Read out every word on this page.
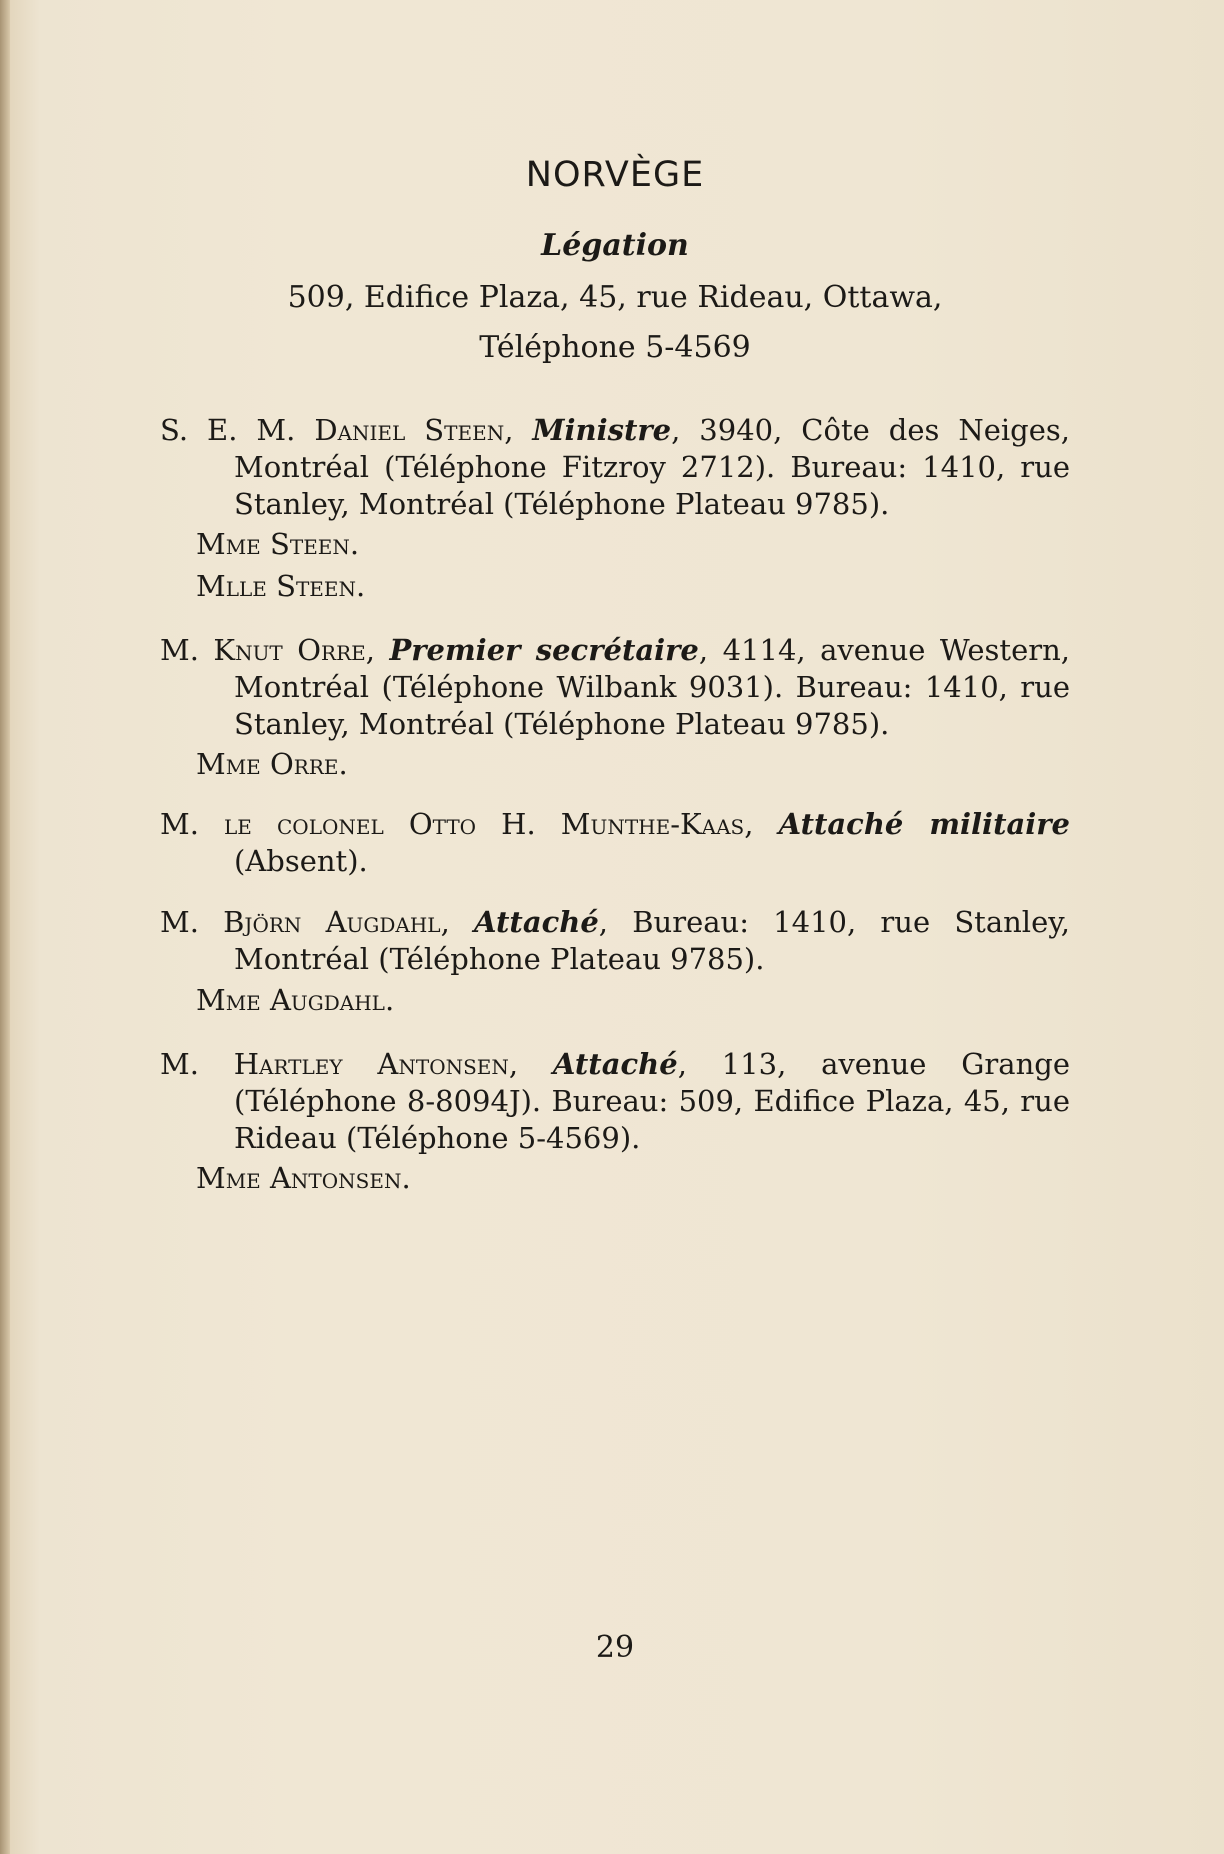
NORVÈGE
Légation
509, Edifice Plaza, 45, rue Rideau, Ottawa,
Téléphone 5-4569
S. E. M. Daniel Steen, Ministre, 3940, Côte des Neiges, Montréal (Téléphone Fitzroy 2712). Bureau: 1410, rue Stanley, Montréal (Téléphone Plateau 9785).
Mme Steen.
Mlle Steen.
M. Knut Orre, Premier secrétaire, 4114, avenue Western, Montréal (Téléphone Wilbank 9031). Bureau: 1410, rue Stanley, Montréal (Téléphone Plateau 9785).
Mme Orre.
M. le colonel Otto H. Munthe-Kaas, Attaché militaire (Absent).
M. Björn Augdahl, Attaché, Bureau: 1410, rue Stanley, Montréal (Téléphone Plateau 9785).
Mme Augdahl.
M. Hartley Antonsen, Attaché, 113, avenue Grange (Téléphone 8-8094J). Bureau: 509, Edifice Plaza, 45, rue Rideau (Téléphone 5-4569).
Mme Antonsen.
29
